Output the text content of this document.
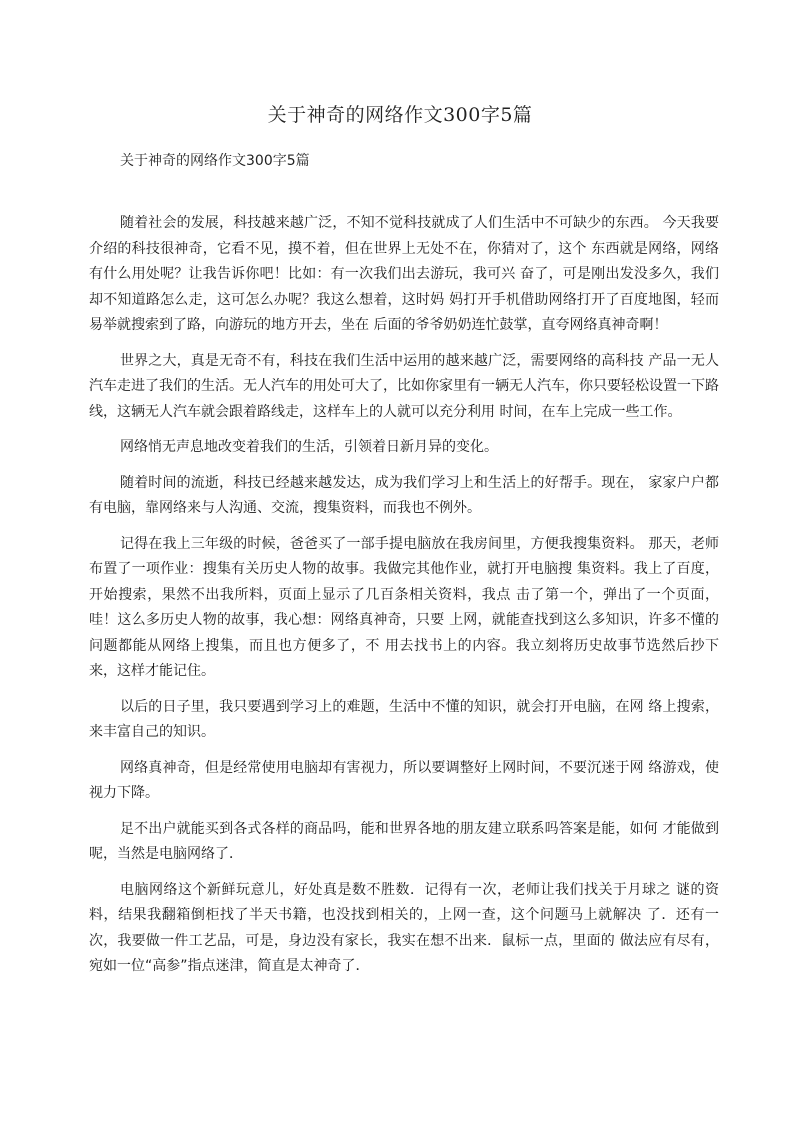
关于神奇的网络作文300字5篇
关于神奇的网络作文300字5篇

随着社会的发展，科技越来越广泛，不知不觉科技就成了人们生活中不可缺少的东西。 今天我要介绍的科技很神奇，它看不见，摸不着，但在世界上无处不在，你猜对了，这个 东西就是网络，网络有什么用处呢？让我告诉你吧！比如：有一次我们出去游玩，我可兴 奋了，可是刚出发没多久，我们却不知道路怎么走，这可怎么办呢？我这么想着，这时妈 妈打开手机借助网络打开了百度地图，轻而易举就搜索到了路，向游玩的地方开去，坐在 后面的爷爷奶奶连忙鼓掌，直夸网络真神奇啊！

世界之大，真是无奇不有，科技在我们生活中运用的越来越广泛，需要网络的高科技 产品一无人汽车走进了我们的生活。无人汽车的用处可大了，比如你家里有一辆无人汽车，你只要轻松设置一下路线，这辆无人汽车就会跟着路线走，这样车上的人就可以充分利用 时间，在车上完成一些工作。

网络悄无声息地改变着我们的生活，引领着日新月异的变化。

随着时间的流逝，科技已经越来越发达，成为我们学习上和生活上的好帮手。现在， 家家户户都有电脑，靠网络来与人沟通、交流，搜集资料，而我也不例外。

记得在我上三年级的时候，爸爸买了一部手提电脑放在我房间里，方便我搜集资料。 那天，老师布置了一项作业：搜集有关历史人物的故事。我做完其他作业，就打开电脑搜 集资料。我上了百度，开始搜索，果然不出我所料，页面上显示了几百条相关资料，我点 击了第一个，弹出了一个页面，哇！这么多历史人物的故事，我心想：网络真神奇，只要 上网，就能查找到这么多知识，许多不懂的问题都能从网络上搜集，而且也方便多了，不 用去找书上的内容。我立刻将历史故事节选然后抄下来，这样才能记住。

以后的日子里，我只要遇到学习上的难题，生活中不懂的知识，就会打开电脑，在网 络上搜索，来丰富自己的知识。

网络真神奇，但是经常使用电脑却有害视力，所以要调整好上网时间，不要沉迷于网 络游戏，使视力下降。

足不出户就能买到各式各样的商品吗，能和世界各地的朋友建立联系吗答案是能，如何 才能做到呢，当然是电脑网络了．

电脑网络这个新鲜玩意儿，好处真是数不胜数．记得有一次，老师让我们找关于月球之 谜的资料，结果我翻箱倒柜找了半天书籍，也没找到相关的，上网一查，这个问题马上就解决 了．还有一次，我要做一件工艺品，可是，身边没有家长，我实在想不出来．鼠标一点，里面的 做法应有尽有，宛如一位“高参”指点迷津，简直是太神奇了．
